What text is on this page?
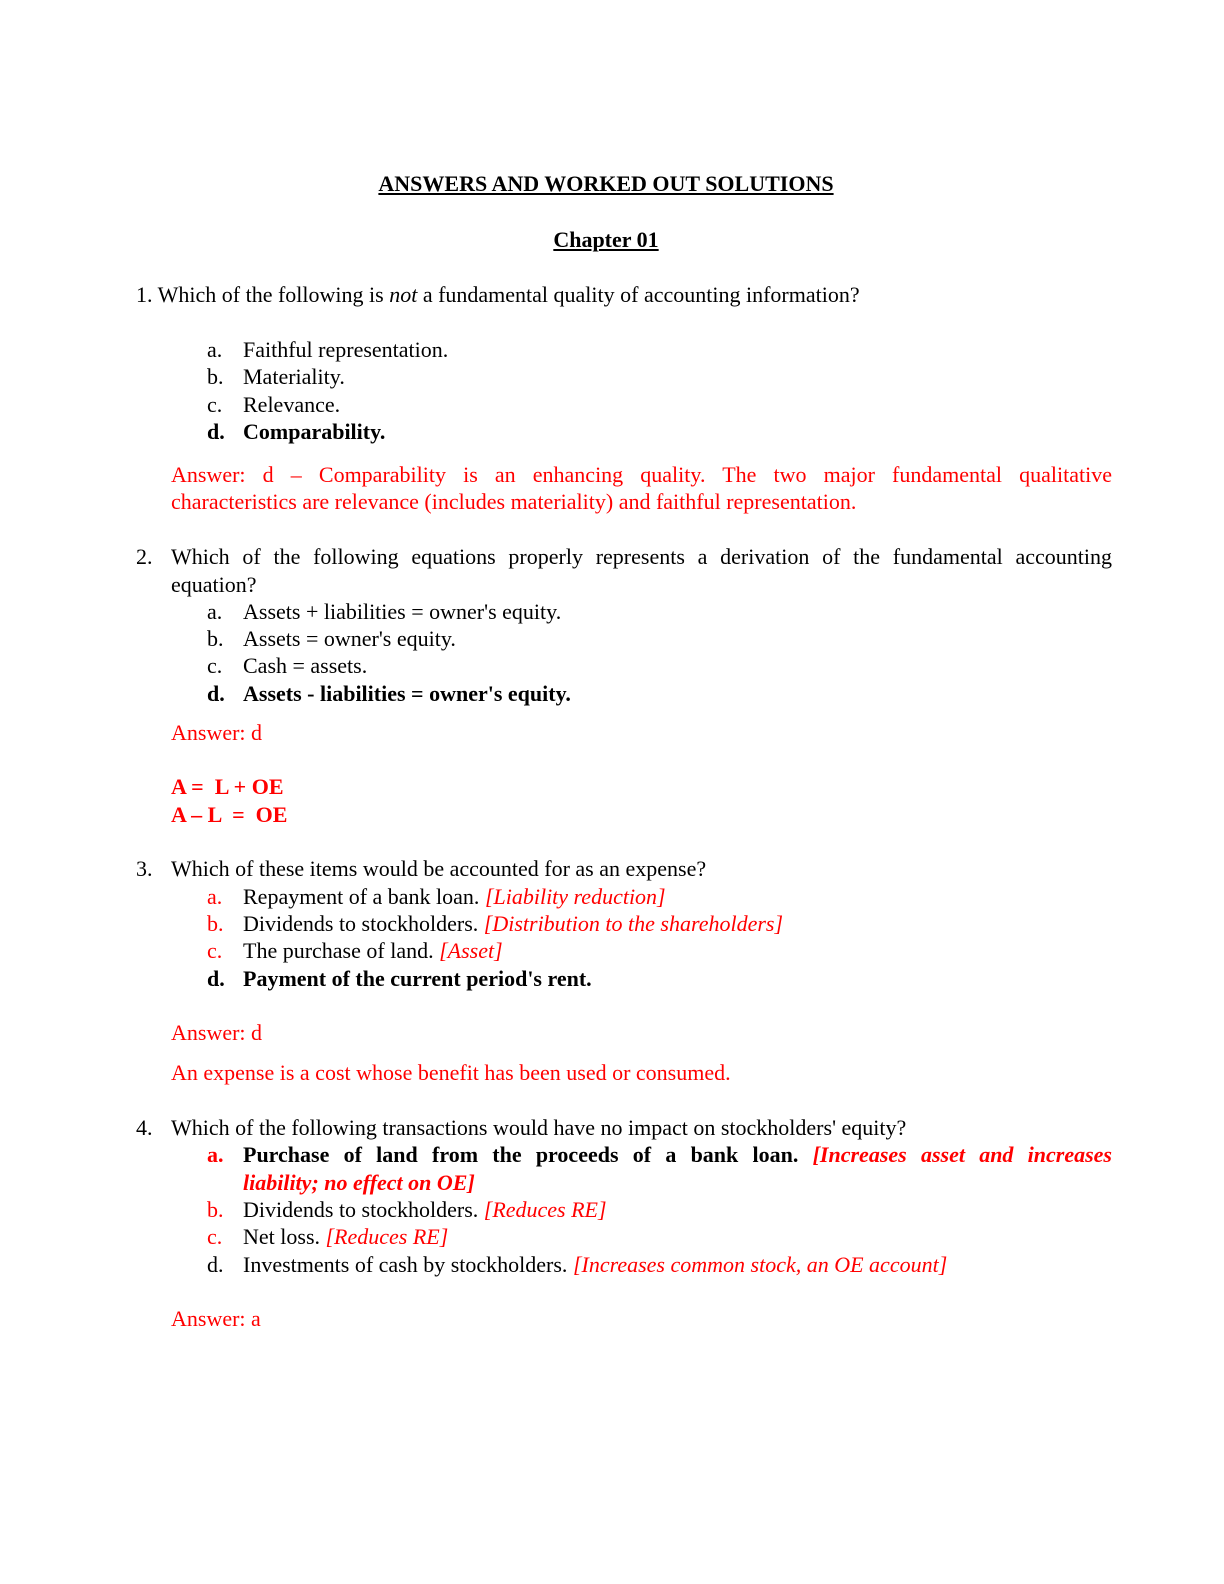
ANSWERS AND WORKED OUT SOLUTIONS
Chapter 01
1. Which of the following is not a fundamental quality of accounting information?
a. Faithful representation.
b. Materiality.
c. Relevance.
d. Comparability.
Answer: d – Comparability is an enhancing quality. The two major fundamental qualitative
characteristics are relevance (includes materiality) and faithful representation.
2. Which of the following equations properly represents a derivation of the fundamental accounting
equation?
a. Assets + liabilities = owner's equity.
b. Assets = owner's equity.
c. Cash = assets.
d. Assets - liabilities = owner's equity.
Answer: d
A =  L + OE
A – L  =  OE
3. Which of these items would be accounted for as an expense?
a. Repayment of a bank loan. [Liability reduction]
b. Dividends to stockholders. [Distribution to the shareholders]
c. The purchase of land. [Asset]
d. Payment of the current period's rent.
Answer: d
An expense is a cost whose benefit has been used or consumed.
4. Which of the following transactions would have no impact on stockholders' equity?
a. Purchase of land from the proceeds of a bank loan. [Increases asset and increases
liability; no effect on OE]
b. Dividends to stockholders. [Reduces RE]
c. Net loss. [Reduces RE]
d. Investments of cash by stockholders. [Increases common stock, an OE account]
Answer: a
